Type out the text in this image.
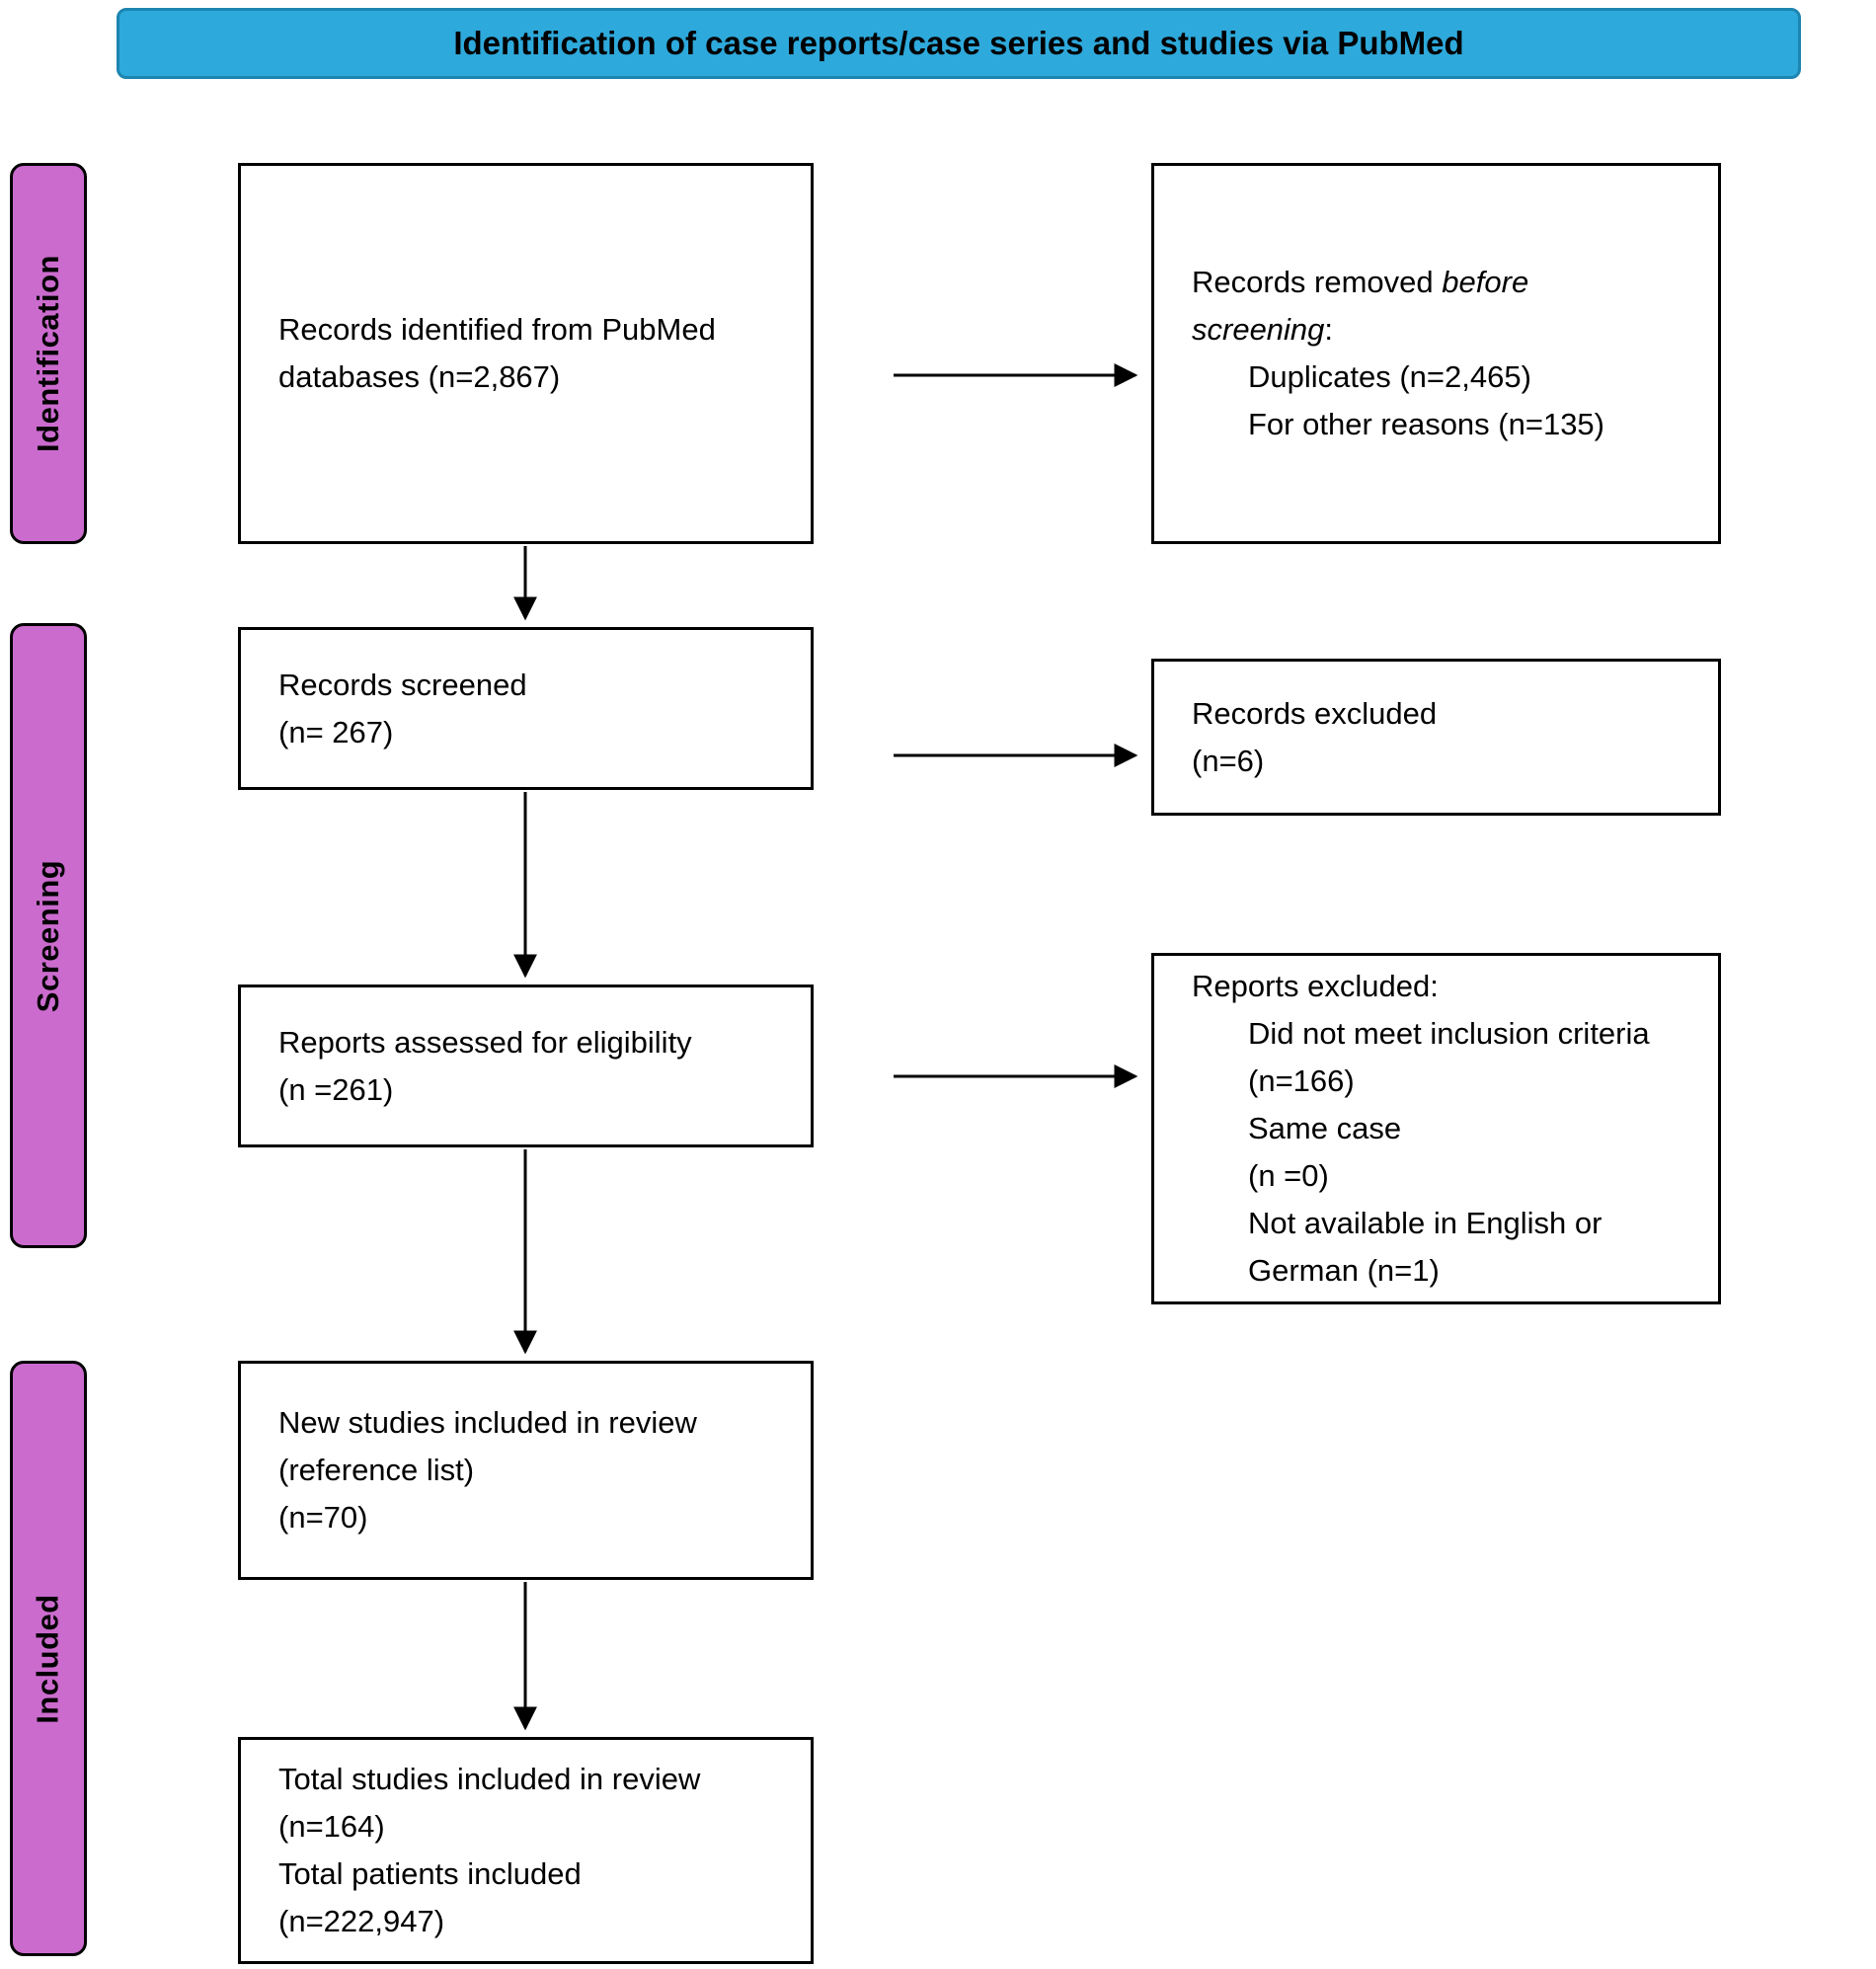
Identification of case reports/case series and studies via PubMed
Identification
Screening
Included
Records identified from PubMed
databases (n=2,867)
Records screened
(n= 267)
Reports assessed for eligibility
(n =261)
New studies included in review
(reference list)
(n=70)
Total studies included in review
(n=164)
Total patients included
(n=222,947)
Records removed before
screening:
Duplicates (n=2,465)
For other reasons (n=135)
Records excluded
(n=6)
Reports excluded:
Did not meet inclusion criteria
(n=166)
Same case
(n =0)
Not available in English or
German (n=1)
